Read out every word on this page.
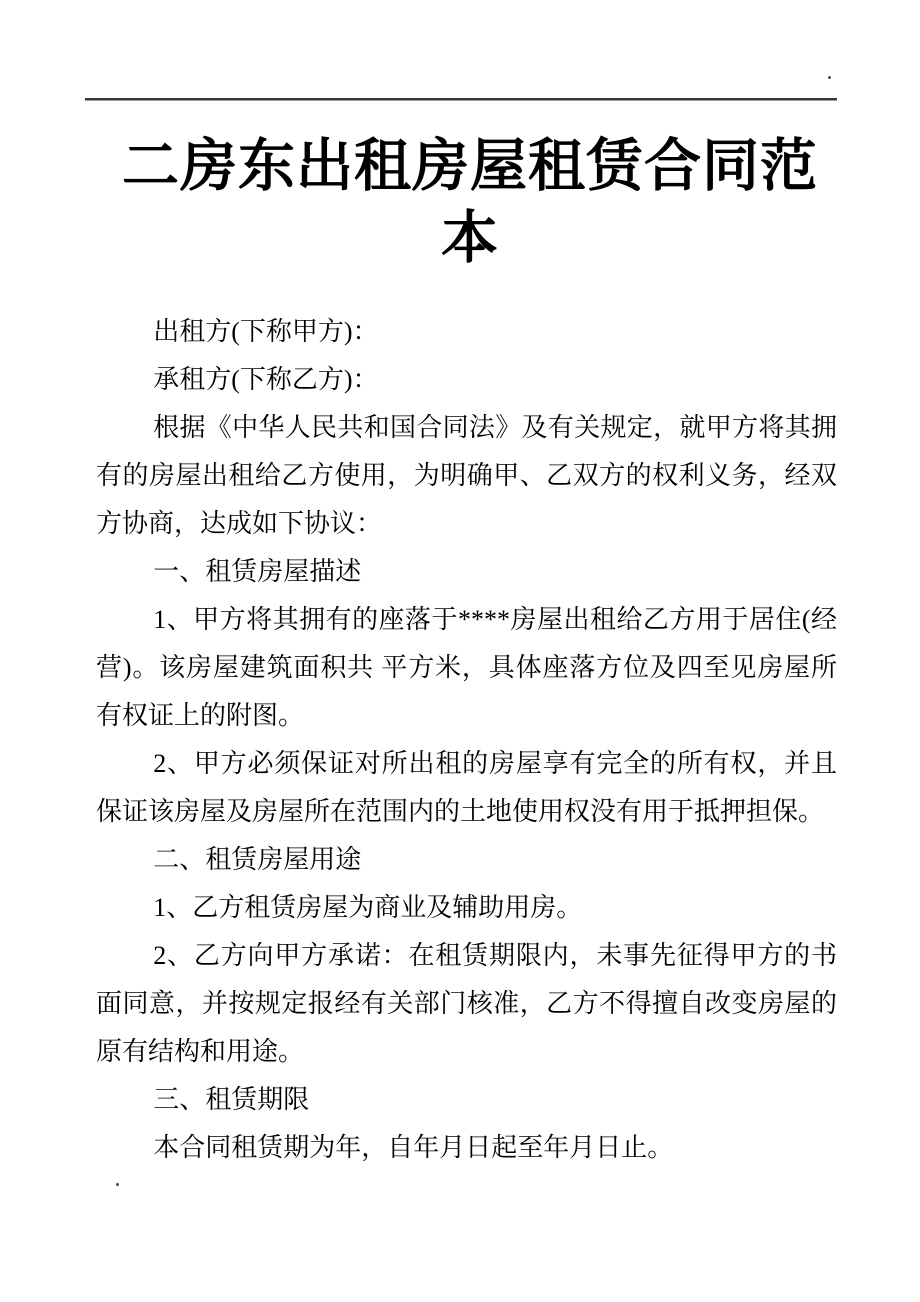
二房东出租房屋租赁合同范本

出租方(下称甲方)：

承租方(下称乙方)：

根据《中华人民共和国合同法》及有关规定，就甲方将其拥有的房屋出租给乙方使用，为明确甲、乙双方的权利义务，经双方协商，达成如下协议：

一、租赁房屋描述

1、甲方将其拥有的座落于****房屋出租给乙方用于居住(经营)。该房屋建筑面积共 平方米，具体座落方位及四至见房屋所有权证上的附图。

2、甲方必须保证对所出租的房屋享有完全的所有权，并且保证该房屋及房屋所在范围内的土地使用权没有用于抵押担保。

二、租赁房屋用途

1、乙方租赁房屋为商业及辅助用房。

2、乙方向甲方承诺：在租赁期限内，未事先征得甲方的书面同意，并按规定报经有关部门核准，乙方不得擅自改变房屋的原有结构和用途。

三、租赁期限

本合同租赁期为年，自年月日起至年月日止。
